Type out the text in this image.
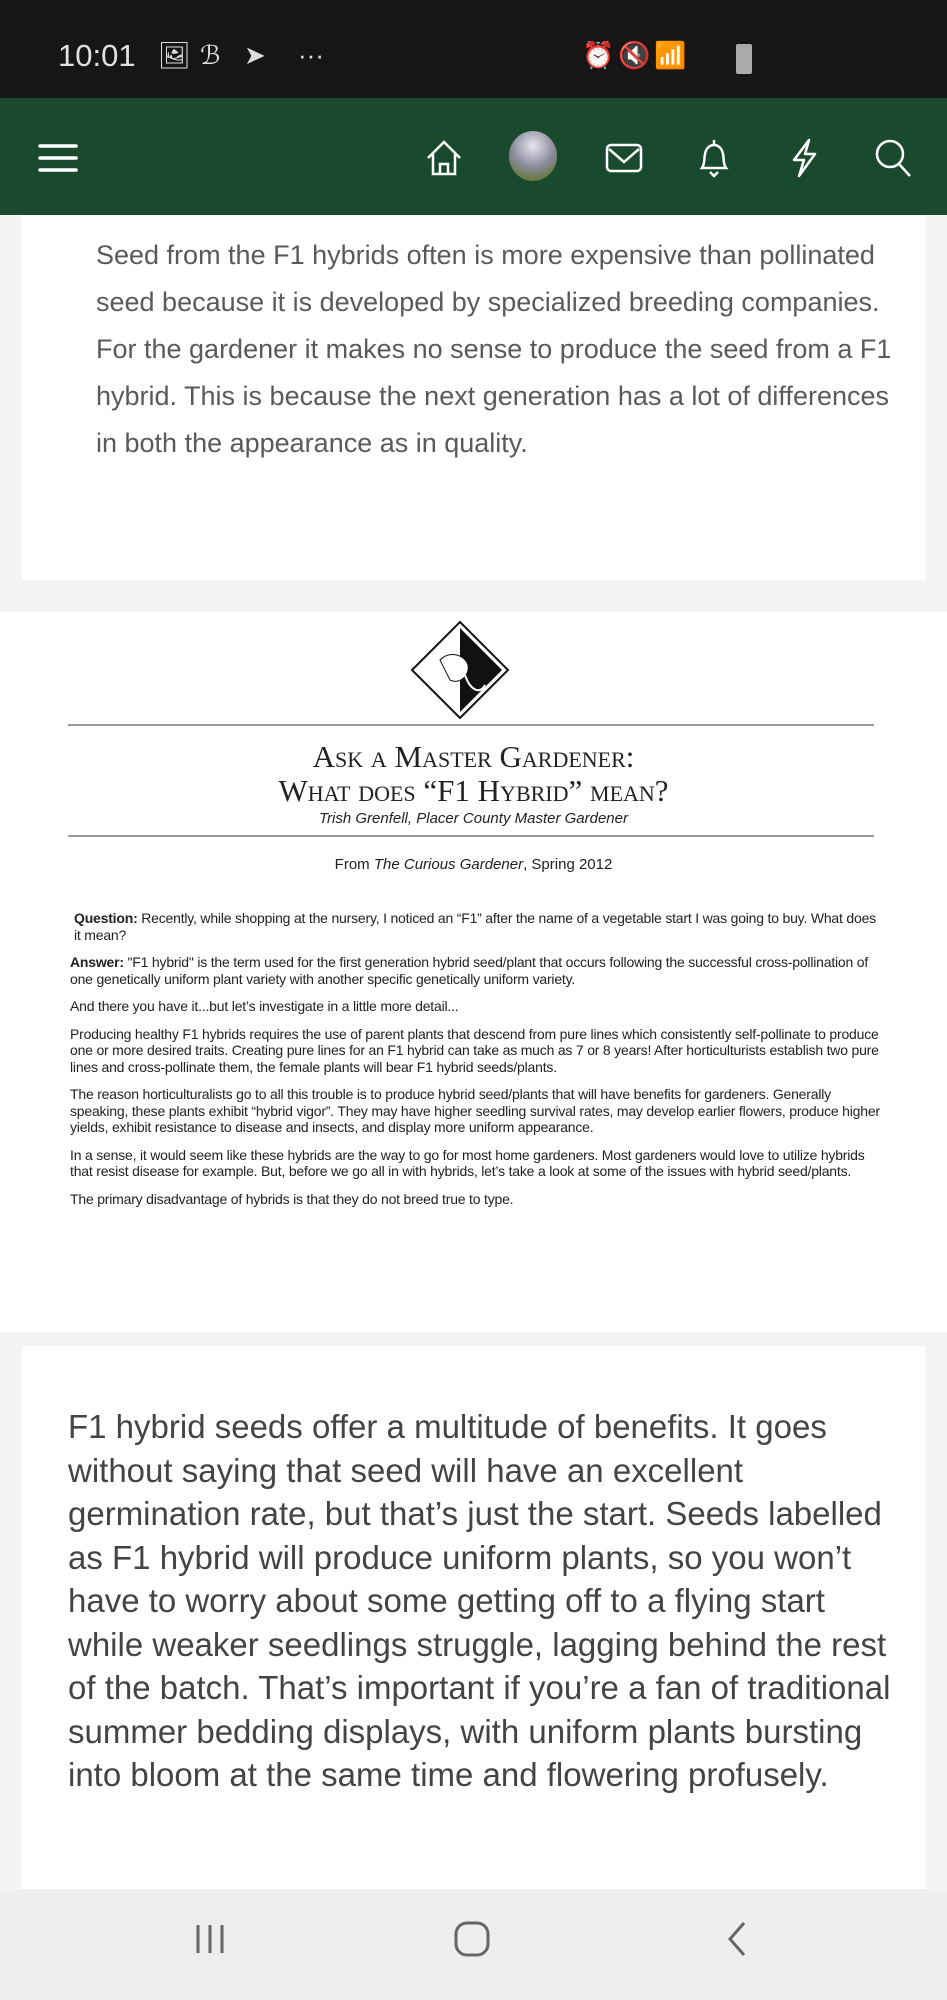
10:01 🖼 ℬ ➤ ···	⏰ 🔇 📶
Seed from the F1 hybrids often is more expensive than pollinated seed because it is developed by specialized breeding companies. For the gardener it makes no sense to produce the seed from a F1 hybrid. This is because the next generation has a lot of differences in both the appearance as in quality.
Ask a Master Gardener:
What does “F1 Hybrid” mean?
Trish Grenfell, Placer County Master Gardener
From The Curious Gardener, Spring 2012

Question: Recently, while shopping at the nursery, I noticed an “F1” after the name of a vegetable start I was going to buy. What does it mean?

Answer: "F1 hybrid" is the term used for the first generation hybrid seed/plant that occurs following the successful cross-pollination of one genetically uniform plant variety with another specific genetically uniform variety.

And there you have it...but let’s investigate in a little more detail...

Producing healthy F1 hybrids requires the use of parent plants that descend from pure lines which consistently self-pollinate to produce one or more desired traits. Creating pure lines for an F1 hybrid can take as much as 7 or 8 years! After horticulturists establish two pure lines and cross-pollinate them, the female plants will bear F1 hybrid seeds/plants.

The reason horticulturalists go to all this trouble is to produce hybrid seed/plants that will have benefits for gardeners. Generally speaking, these plants exhibit “hybrid vigor”. They may have higher seedling survival rates, may develop earlier flowers, produce higher yields, exhibit resistance to disease and insects, and display more uniform appearance.

In a sense, it would seem like these hybrids are the way to go for most home gardeners. Most gardeners would love to utilize hybrids that resist disease for example. But, before we go all in with hybrids, let’s take a look at some of the issues with hybrid seed/plants.

The primary disadvantage of hybrids is that they do not breed true to type.

F1 hybrid seeds offer a multitude of benefits. It goes without saying that seed will have an excellent germination rate, but that’s just the start. Seeds labelled as F1 hybrid will produce uniform plants, so you won’t have to worry about some getting off to a flying start while weaker seedlings struggle, lagging behind the rest of the batch. That’s important if you’re a fan of traditional summer bedding displays, with uniform plants bursting into bloom at the same time and flowering profusely.
